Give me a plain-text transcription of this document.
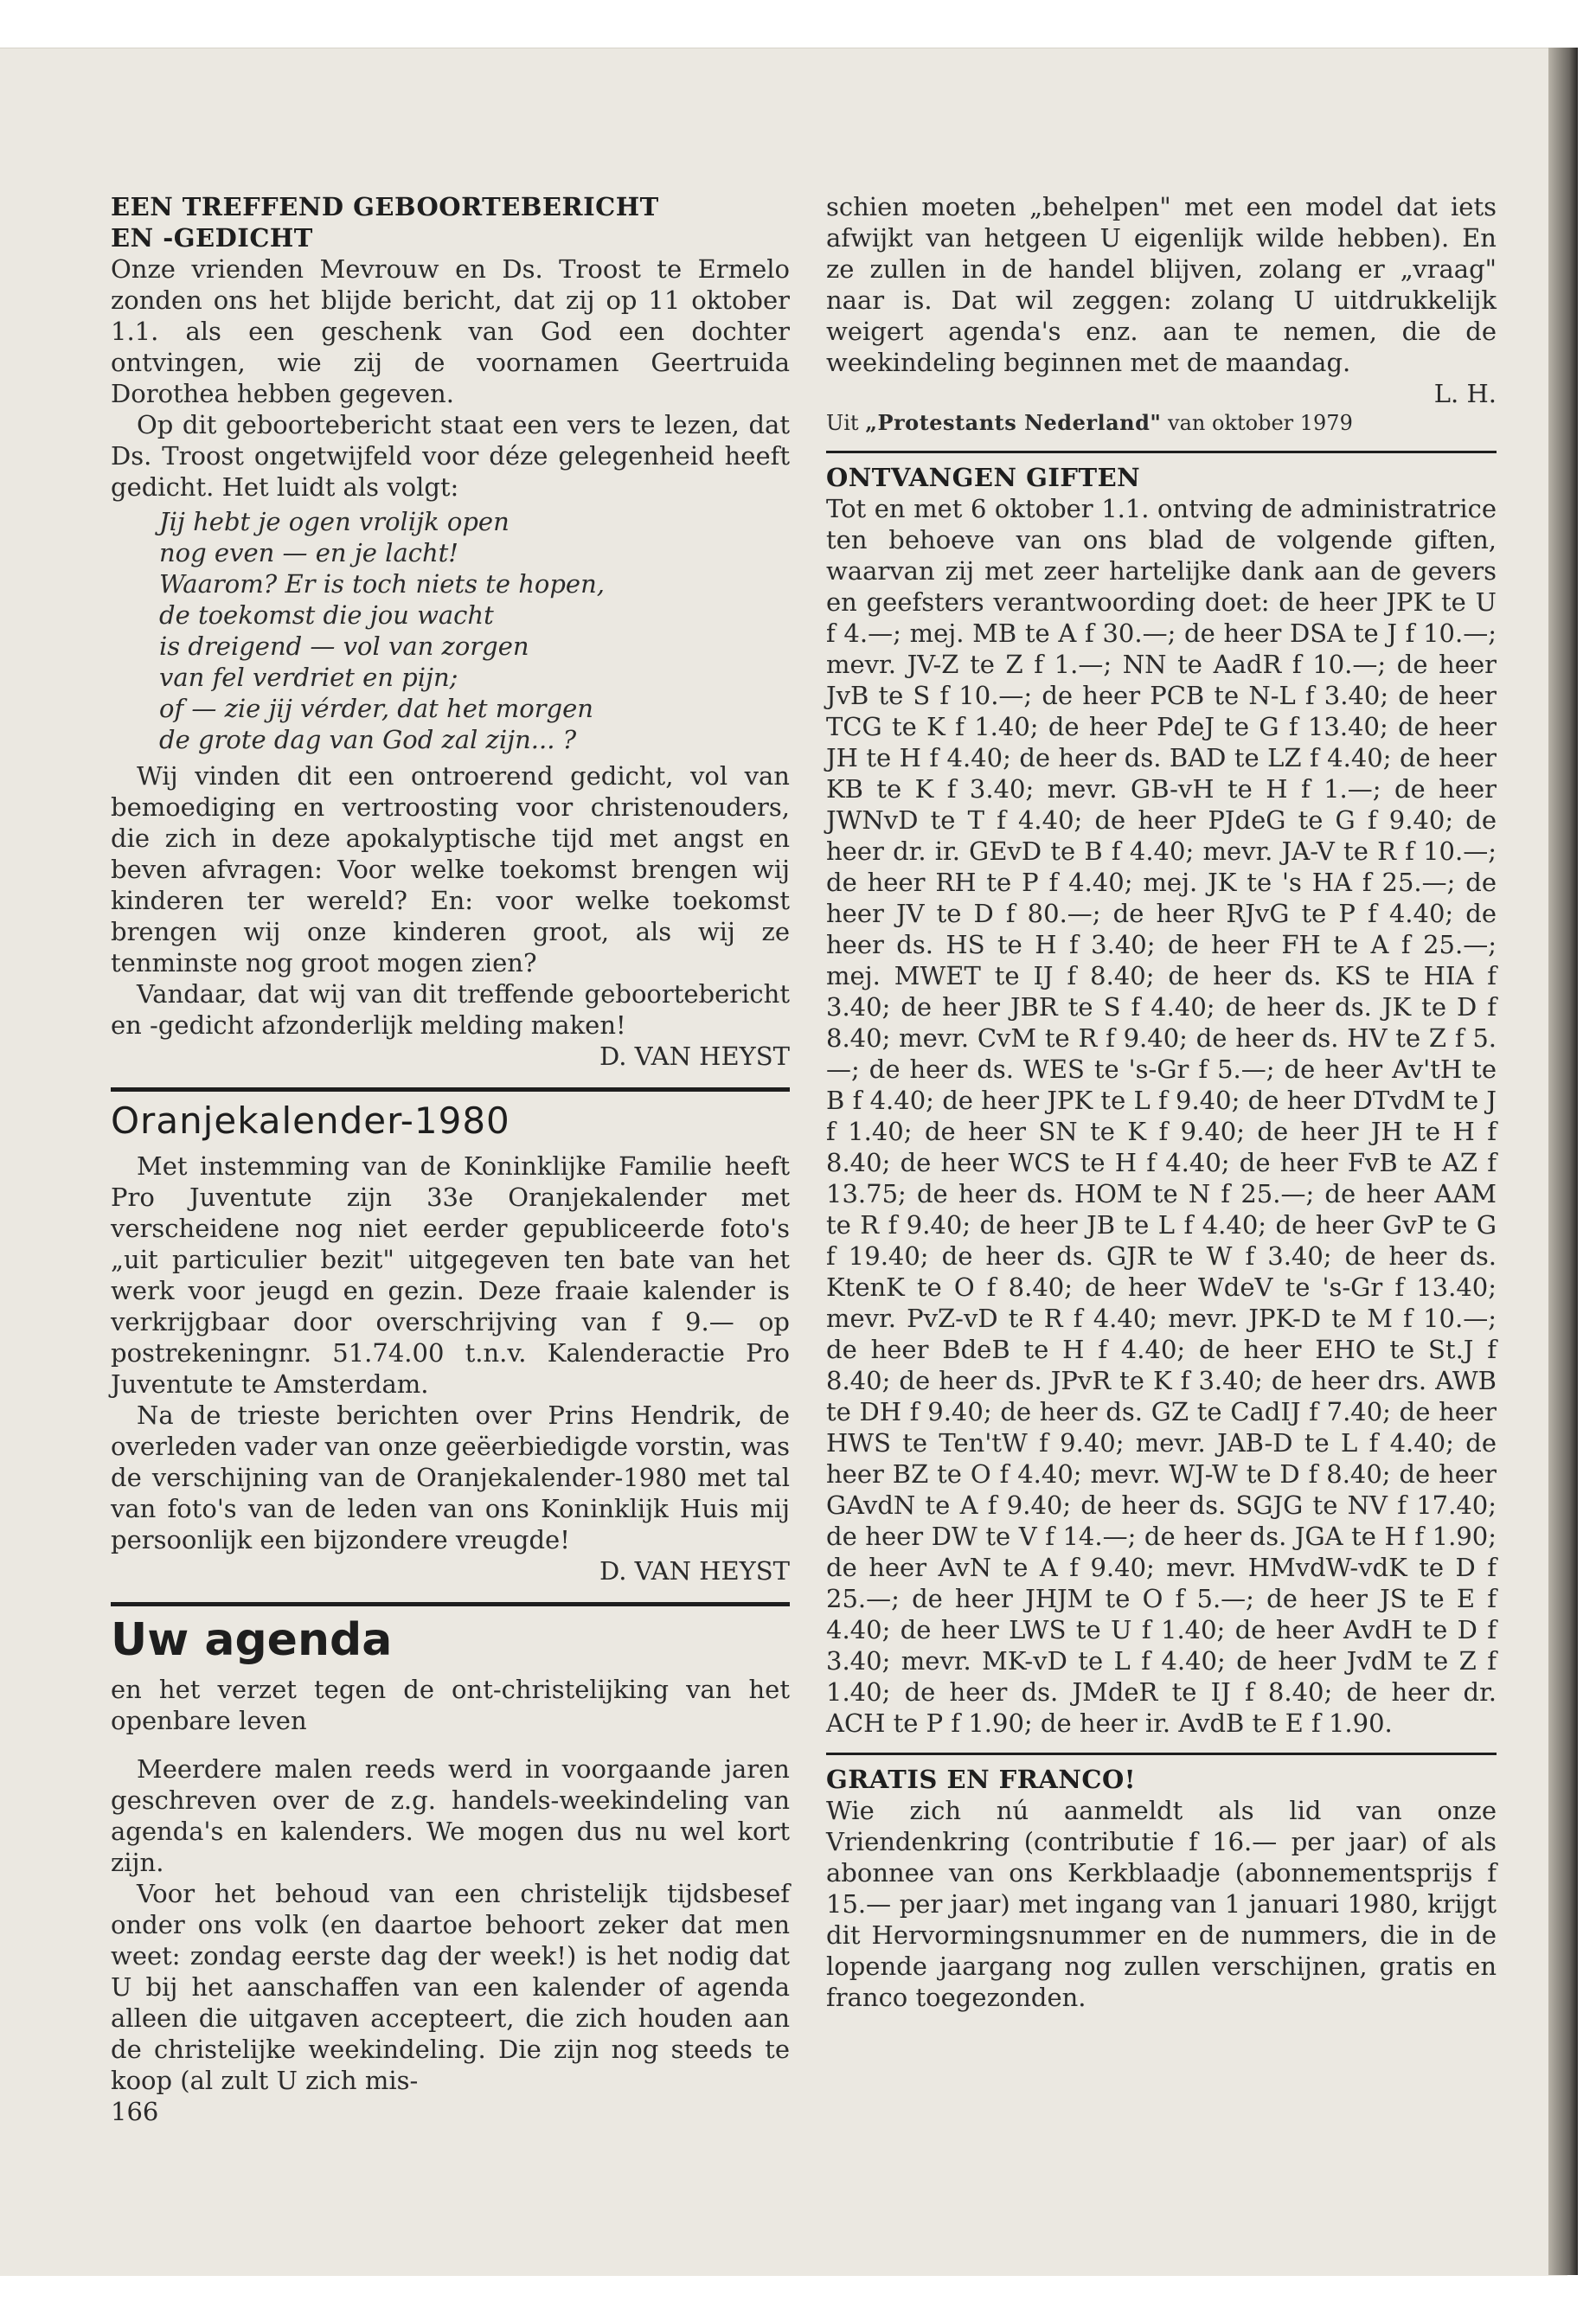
EEN TREFFEND GEBOORTEBERICHT

EN -GEDICHT

Onze vrienden Mevrouw en Ds. Troost te Ermelo zonden ons het blijde bericht, dat zij op 11 oktober 1.1. als een geschenk van God een dochter ontvingen, wie zij de voornamen Geertruida Dorothea hebben gegeven.

Op dit geboortebericht staat een vers te lezen, dat Ds. Troost ongetwijfeld voor déze gelegenheid heeft gedicht. Het luidt als volgt:

Jij hebt je ogen vrolijk open
nog even — en je lacht!
Waarom? Er is toch niets te hopen,
de toekomst die jou wacht
is dreigend — vol van zorgen
van fel verdriet en pijn;
of — zie jij vérder, dat het morgen
de grote dag van God zal zijn... ?

Wij vinden dit een ontroerend gedicht, vol van bemoediging en vertroosting voor christenouders, die zich in deze apokalyptische tijd met angst en beven afvragen: Voor welke toekomst brengen wij kinderen ter wereld? En: voor welke toekomst brengen wij onze kinderen groot, als wij ze tenminste nog groot mogen zien?

Vandaar, dat wij van dit treffende geboortebericht en -gedicht afzonderlijk melding maken!

D. VAN HEYST

Oranjekalender-1980

Met instemming van de Koninklijke Familie heeft Pro Juventute zijn 33e Oranjekalender met verscheidene nog niet eerder gepubliceerde foto's „uit particulier bezit" uitgegeven ten bate van het werk voor jeugd en gezin. Deze fraaie kalender is verkrijgbaar door overschrijving van f 9.— op postrekeningnr. 51.74.00 t.n.v. Kalenderactie Pro Juventute te Amsterdam.

Na de trieste berichten over Prins Hendrik, de overleden vader van onze geëerbiedigde vorstin, was de verschijning van de Oranjekalender-1980 met tal van foto's van de leden van ons Koninklijk Huis mij persoonlijk een bijzondere vreugde!

D. VAN HEYST

Uw agenda

en het verzet tegen de ont-christelijking van het openbare leven

Meerdere malen reeds werd in voorgaande jaren geschreven over de z.g. handels-weekindeling van agenda's en kalenders. We mogen dus nu wel kort zijn.

Voor het behoud van een christelijk tijdsbesef onder ons volk (en daartoe behoort zeker dat men weet: zondag eerste dag der week!) is het nodig dat U bij het aanschaffen van een kalender of agenda alleen die uitgaven accepteert, die zich houden aan de christelijke weekindeling. Die zijn nog steeds te koop (al zult U zich mis-

166

schien moeten „behelpen" met een model dat iets afwijkt van hetgeen U eigenlijk wilde hebben). En ze zullen in de handel blijven, zolang er „vraag" naar is. Dat wil zeggen: zolang U uitdrukkelijk weigert agenda's enz. aan te nemen, die de weekindeling beginnen met de maandag.

L. H.

Uit „Protestants Nederland" van oktober 1979

ONTVANGEN GIFTEN

Tot en met 6 oktober 1.1. ontving de administratrice ten behoeve van ons blad de volgende giften, waarvan zij met zeer hartelijke dank aan de gevers en geefsters verantwoording doet: de heer JPK te U f 4.—; mej. MB te A f 30.—; de heer DSA te J f 10.—; mevr. JV-Z te Z f 1.—; NN te AadR f 10.—; de heer JvB te S f 10.—; de heer PCB te N-L f 3.40; de heer TCG te K f 1.40; de heer PdeJ te G f 13.40; de heer JH te H f 4.40; de heer ds. BAD te LZ f 4.40; de heer KB te K f 3.40; mevr. GB-vH te H f 1.—; de heer JWNvD te T f 4.40; de heer PJdeG te G f 9.40; de heer dr. ir. GEvD te B f 4.40; mevr. JA-V te R f 10.—; de heer RH te P f 4.40; mej. JK te 's HA f 25.—; de heer JV te D f 80.—; de heer RJvG te P f 4.40; de heer ds. HS te H f 3.40; de heer FH te A f 25.—; mej. MWET te IJ f 8.40; de heer ds. KS te HIA f 3.40; de heer JBR te S f 4.40; de heer ds. JK te D f 8.40; mevr. CvM te R f 9.40; de heer ds. HV te Z f 5.—; de heer ds. WES te 's-Gr f 5.—; de heer Av'tH te B f 4.40; de heer JPK te L f 9.40; de heer DTvdM te J f 1.40; de heer SN te K f 9.40; de heer JH te H f 8.40; de heer WCS te H f 4.40; de heer FvB te AZ f 13.75; de heer ds. HOM te N f 25.—; de heer AAM te R f 9.40; de heer JB te L f 4.40; de heer GvP te G f 19.40; de heer ds. GJR te W f 3.40; de heer ds. KtenK te O f 8.40; de heer WdeV te 's-Gr f 13.40; mevr. PvZ-vD te R f 4.40; mevr. JPK-D te M f 10.—; de heer BdeB te H f 4.40; de heer EHO te St.J f 8.40; de heer ds. JPvR te K f 3.40; de heer drs. AWB te DH f 9.40; de heer ds. GZ te CadIJ f 7.40; de heer HWS te Ten'tW f 9.40; mevr. JAB-D te L f 4.40; de heer BZ te O f 4.40; mevr. WJ-W te D f 8.40; de heer GAvdN te A f 9.40; de heer ds. SGJG te NV f 17.40; de heer DW te V f 14.—; de heer ds. JGA te H f 1.90; de heer AvN te A f 9.40; mevr. HMvdW-vdK te D f 25.—; de heer JHJM te O f 5.—; de heer JS te E f 4.40; de heer LWS te U f 1.40; de heer AvdH te D f 3.40; mevr. MK-vD te L f 4.40; de heer JvdM te Z f 1.40; de heer ds. JMdeR te IJ f 8.40; de heer dr. ACH te P f 1.90; de heer ir. AvdB te E f 1.90.

GRATIS EN FRANCO!

Wie zich nú aanmeldt als lid van onze Vriendenkring (contributie f 16.— per jaar) of als abonnee van ons Kerkblaadje (abonnementsprijs f 15.— per jaar) met ingang van 1 januari 1980, krijgt dit Hervormingsnummer en de nummers, die in de lopende jaargang nog zullen verschijnen, gratis en franco toegezonden.
